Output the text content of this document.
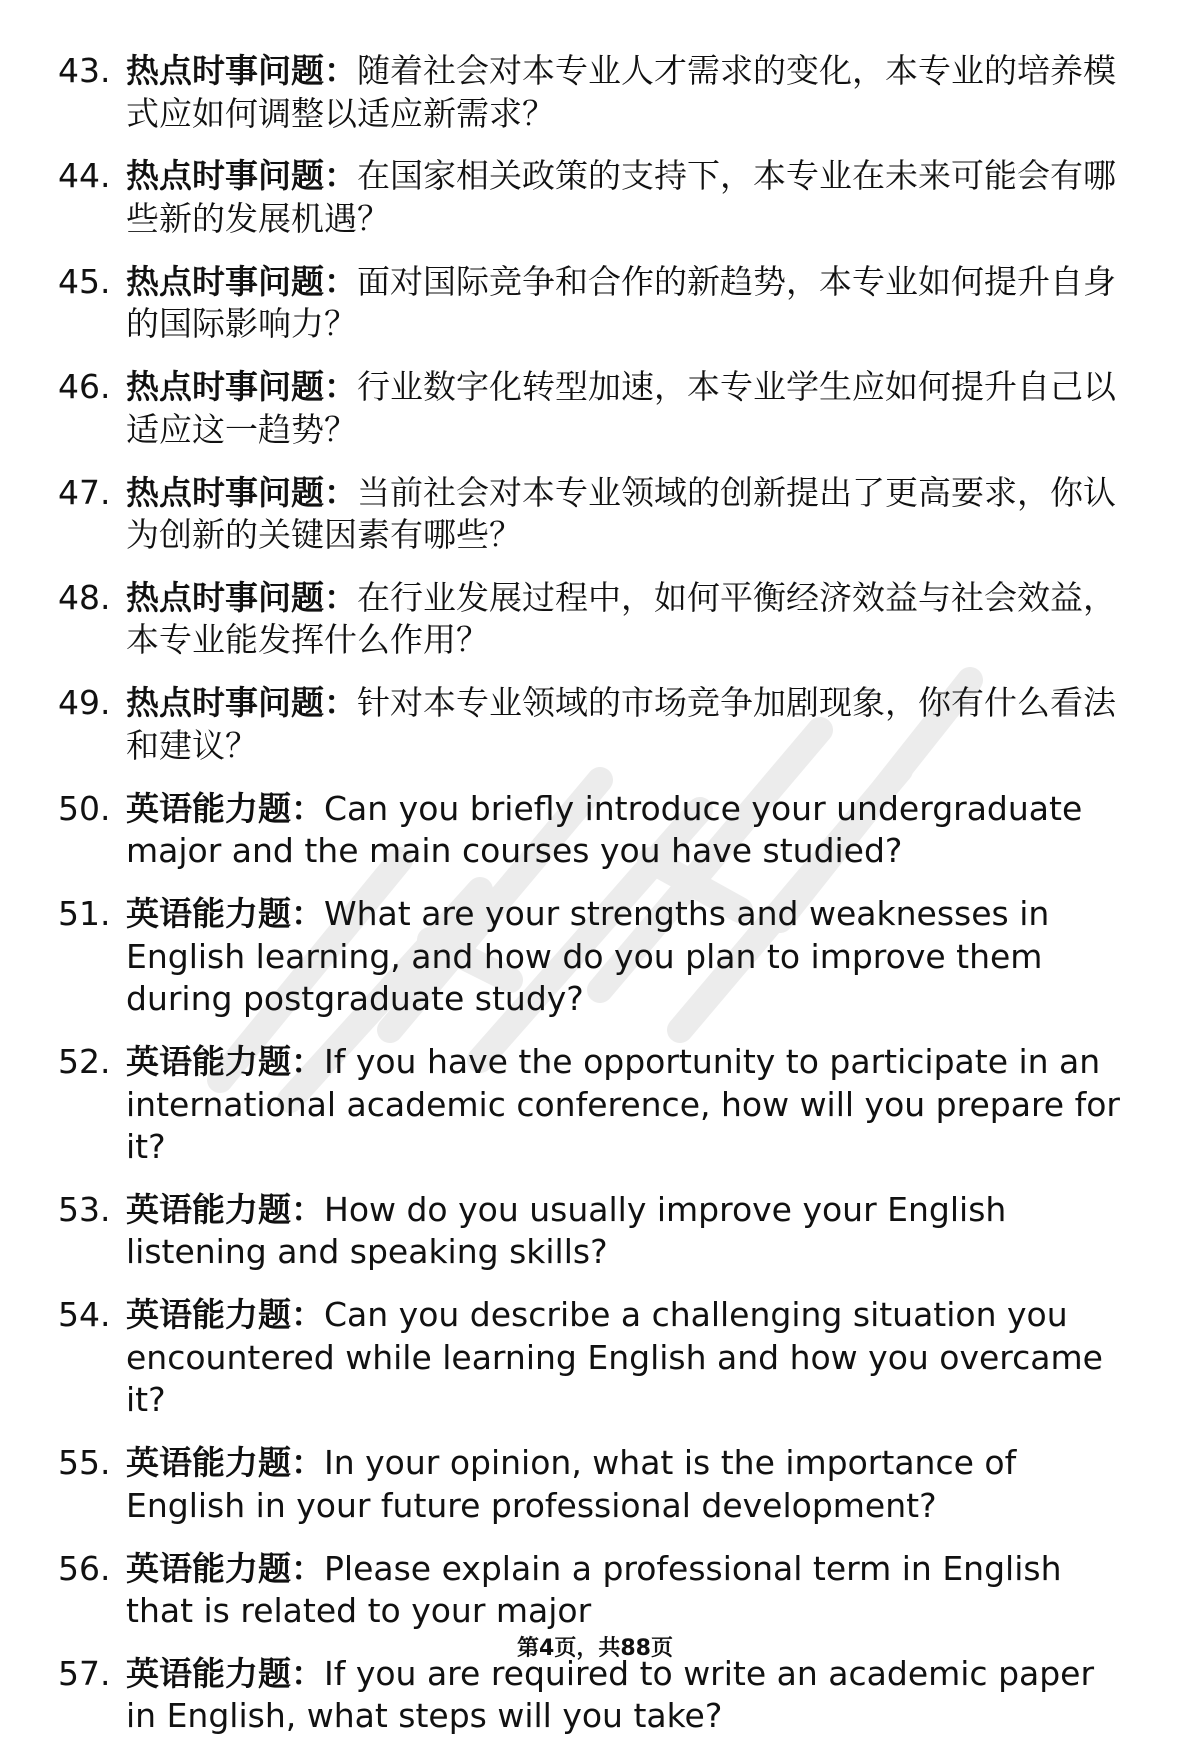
43. 热点时事问题：随着社会对本专业人才需求的变化，本专业的培养模式应如何调整以适应新需求？
44. 热点时事问题：在国家相关政策的支持下，本专业在未来可能会有哪些新的发展机遇？
45. 热点时事问题：面对国际竞争和合作的新趋势，本专业如何提升自身的国际影响力？
46. 热点时事问题：行业数字化转型加速，本专业学生应如何提升自己以适应这一趋势？
47. 热点时事问题：当前社会对本专业领域的创新提出了更高要求，你认为创新的关键因素有哪些？
48. 热点时事问题：在行业发展过程中，如何平衡经济效益与社会效益，本专业能发挥什么作用？
49. 热点时事问题：针对本专业领域的市场竞争加剧现象，你有什么看法和建议？
50. 英语能力题：Can you briefly introduce your undergraduate major and the main courses you have studied?
51. 英语能力题：What are your strengths and weaknesses in English learning, and how do you plan to improve them during postgraduate study?
52. 英语能力题：If you have the opportunity to participate in an international academic conference, how will you prepare for it?
53. 英语能力题：How do you usually improve your English listening and speaking skills?
54. 英语能力题：Can you describe a challenging situation you encountered while learning English and how you overcame it?
55. 英语能力题：In your opinion, what is the importance of English in your future professional development?
56. 英语能力题：Please explain a professional term in English that is related to your major
57. 英语能力题：If you are required to write an academic paper in English, what steps will you take?
第4页，共88页
